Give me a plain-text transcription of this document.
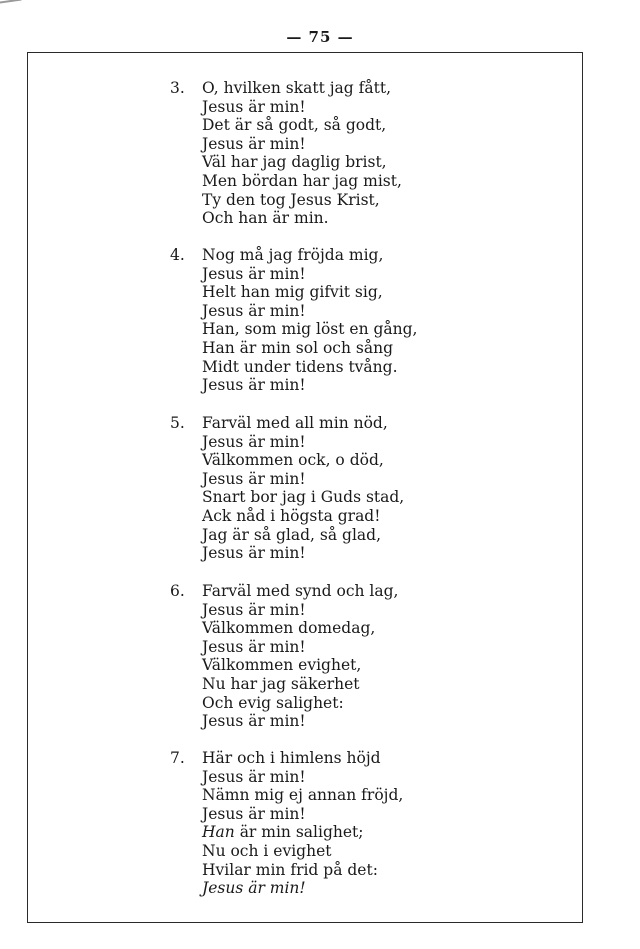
— 75 —
3.	O, hvilken skatt jag fått,
Jesus är min!
Det är så godt, så godt,
Jesus är min!
Väl har jag daglig brist,
Men bördan har jag mist,
Ty den tog Jesus Krist,
Och han är min.
4.	Nog må jag fröjda mig,
Jesus är min!
Helt han mig gifvit sig,
Jesus är min!
Han, som mig löst en gång,
Han är min sol och sång
Midt under tidens tvång.
Jesus är min!
5.	Farväl med all min nöd,
Jesus är min!
Välkommen ock, o död,
Jesus är min!
Snart bor jag i Guds stad,
Ack nåd i högsta grad!
Jag är så glad, så glad,
Jesus är min!
6.	Farväl med synd och lag,
Jesus är min!
Välkommen domedag,
Jesus är min!
Välkommen evighet,
Nu har jag säkerhet
Och evig salighet:
Jesus är min!
7.	Här och i himlens höjd
Jesus är min!
Nämn mig ej annan fröjd,
Jesus är min!
Han är min salighet;
Nu och i evighet
Hvilar min frid på det:
Jesus är min!
